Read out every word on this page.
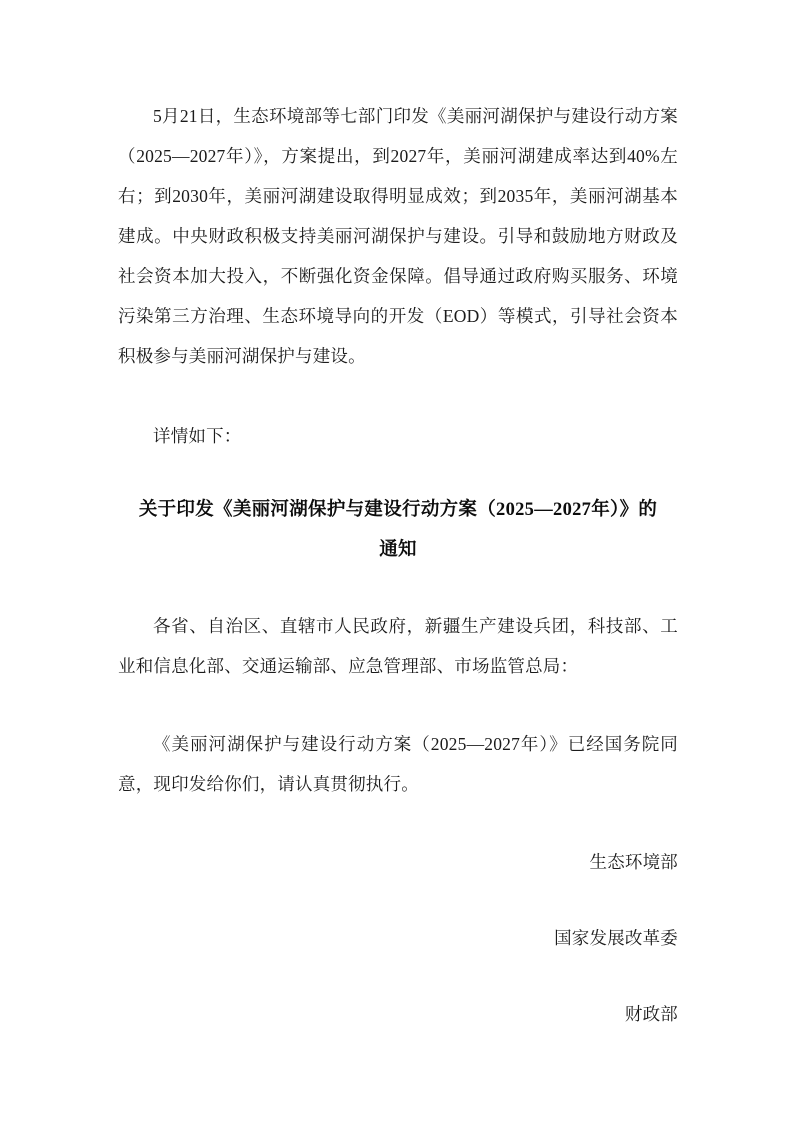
5月21日，生态环境部等七部门印发《美丽河湖保护与建设行动方案（2025—2027年）》，方案提出，到2027年，美丽河湖建成率达到40%左右；到2030年，美丽河湖建设取得明显成效；到2035年，美丽河湖基本建成。中央财政积极支持美丽河湖保护与建设。引导和鼓励地方财政及社会资本加大投入，不断强化资金保障。倡导通过政府购买服务、环境污染第三方治理、生态环境导向的开发（EOD）等模式，引导社会资本积极参与美丽河湖保护与建设。

详情如下：

关于印发《美丽河湖保护与建设行动方案（2025—2027年）》的
通知

各省、自治区、直辖市人民政府，新疆生产建设兵团，科技部、工业和信息化部、交通运输部、应急管理部、市场监管总局：

《美丽河湖保护与建设行动方案（2025—2027年）》已经国务院同意，现印发给你们，请认真贯彻执行。

生态环境部

国家发展改革委

财政部
